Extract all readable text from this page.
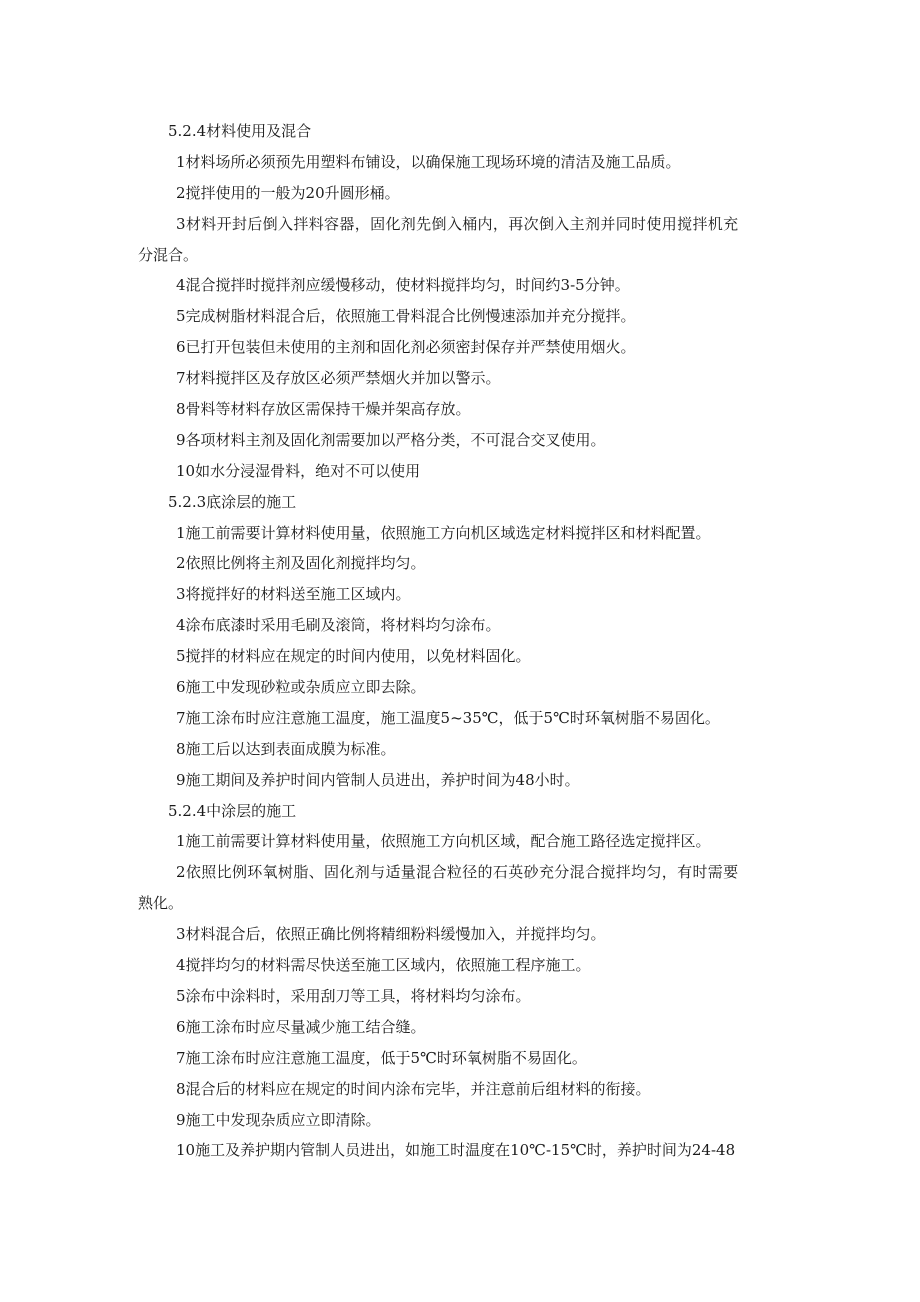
5.2.4材料使用及混合
1材料场所必须预先用塑料布铺设，以确保施工现场环境的清洁及施工品质。
2搅拌使用的一般为20升圆形桶。
3材料开封后倒入拌料容器，固化剂先倒入桶内，再次倒入主剂并同时使用搅拌机充
分混合。
4混合搅拌时搅拌剂应缓慢移动，使材料搅拌均匀，时间约3-5分钟。
5完成树脂材料混合后，依照施工骨料混合比例慢速添加并充分搅拌。
6已打开包装但未使用的主剂和固化剂必须密封保存并严禁使用烟火。
7材料搅拌区及存放区必须严禁烟火并加以警示。
8骨料等材料存放区需保持干燥并架高存放。
9各项材料主剂及固化剂需要加以严格分类，不可混合交叉使用。
10如水分浸湿骨料，绝对不可以使用
5.2.3底涂层的施工
1施工前需要计算材料使用量，依照施工方向机区域选定材料搅拌区和材料配置。
2依照比例将主剂及固化剂搅拌均匀。
3将搅拌好的材料送至施工区域内。
4涂布底漆时采用毛刷及滚筒，将材料均匀涂布。
5搅拌的材料应在规定的时间内使用，以免材料固化。
6施工中发现砂粒或杂质应立即去除。
7施工涂布时应注意施工温度，施工温度5~35℃，低于5℃时环氧树脂不易固化。
8施工后以达到表面成膜为标准。
9施工期间及养护时间内管制人员进出，养护时间为48小时。
5.2.4中涂层的施工
1施工前需要计算材料使用量，依照施工方向机区域，配合施工路径选定搅拌区。
2依照比例环氧树脂、固化剂与适量混合粒径的石英砂充分混合搅拌均匀，有时需要
熟化。
3材料混合后，依照正确比例将精细粉料缓慢加入，并搅拌均匀。
4搅拌均匀的材料需尽快送至施工区域内，依照施工程序施工。
5涂布中涂料时，采用刮刀等工具，将材料均匀涂布。
6施工涂布时应尽量减少施工结合缝。
7施工涂布时应注意施工温度，低于5℃时环氧树脂不易固化。
8混合后的材料应在规定的时间内涂布完毕，并注意前后组材料的衔接。
9施工中发现杂质应立即清除。
10施工及养护期内管制人员进出，如施工时温度在10℃-15℃时，养护时间为24-48
